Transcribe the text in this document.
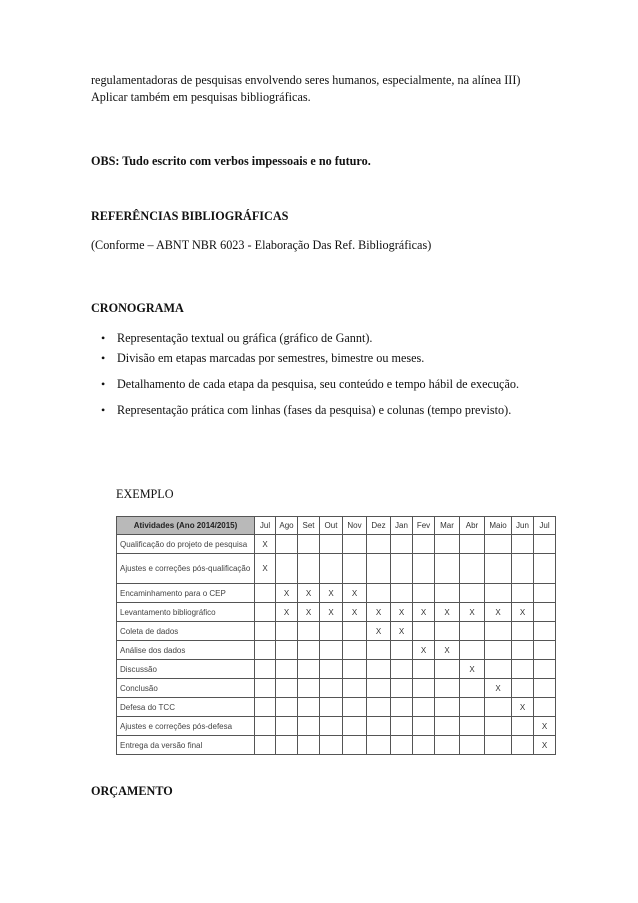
regulamentadoras de pesquisas envolvendo seres humanos, especialmente, na alínea III)

Aplicar também em pesquisas bibliográficas.

OBS: Tudo escrito com verbos impessoais e no futuro.

REFERÊNCIAS BIBLIOGRÁFICAS

(Conforme – ABNT NBR 6023 - Elaboração Das Ref. Bibliográficas)

CRONOGRAMA

• Representação textual ou gráfica (gráfico de Gannt).
• Divisão em etapas marcadas por semestres, bimestre ou meses.
• Detalhamento de cada etapa da pesquisa, seu conteúdo e tempo hábil de execução.
• Representação prática com linhas (fases da pesquisa) e colunas (tempo previsto).

EXEMPLO

Atividades (Ano 2014/2015)	Jul	Ago	Set	Out	Nov	Dez	Jan	Fev	Mar	Abr	Maio	Jun	Jul
Qualificação do projeto de pesquisa	X												
Ajustes e correções pós-qualificação	X												
Encaminhamento para o CEP		X	X	X	X								
Levantamento bibliográfico		X	X	X	X	X	X	X	X	X	X	X	
Coleta de dados						X	X						
Análise dos dados								X	X				
Discussão										X			
Conclusão											X		
Defesa do TCC												X	
Ajustes e correções pós-defesa													X
Entrega da versão final													X

ORÇAMENTO
